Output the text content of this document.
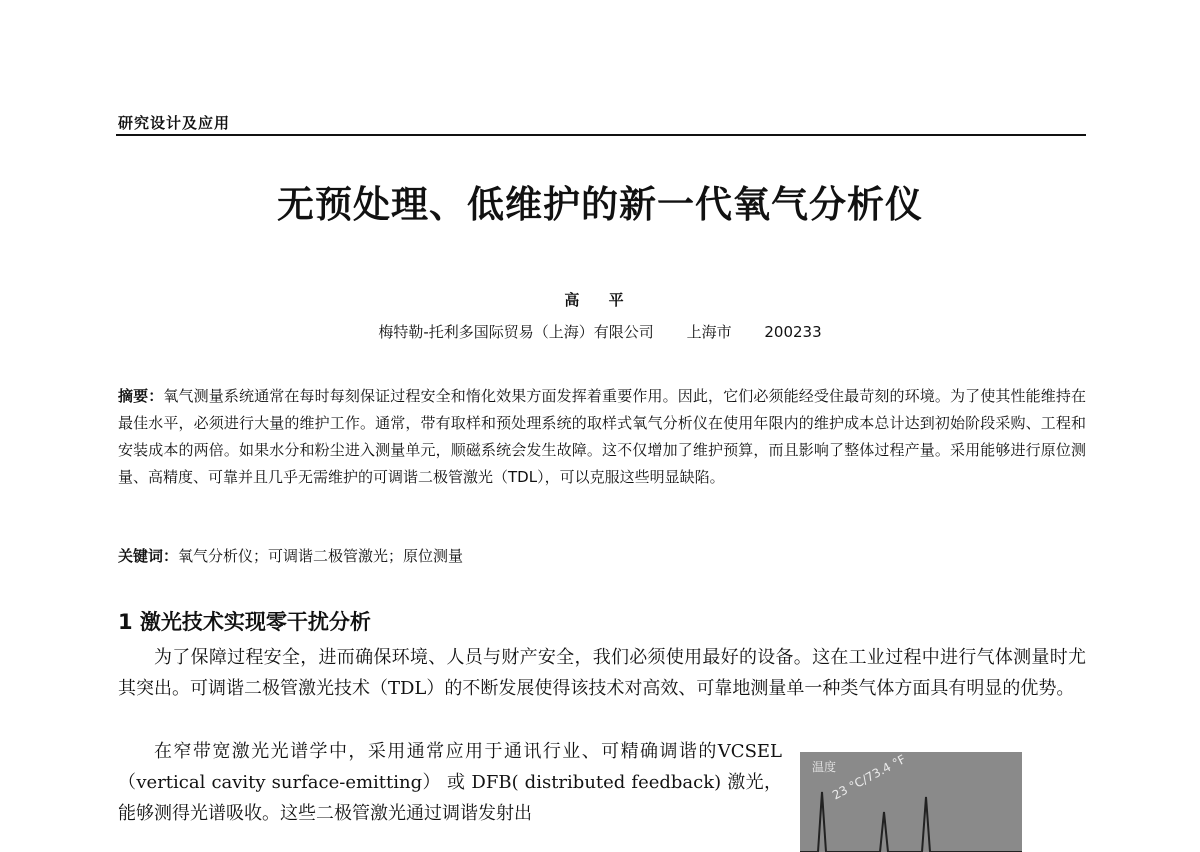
研究设计及应用
无预处理、低维护的新一代氧气分析仪
高 平
梅特勒-托利多国际贸易（上海）有限公司 上海市 200233
摘要：氧气测量系统通常在每时每刻保证过程安全和惰化效果方面发挥着重要作用。因此，它们必须能经受住最苛刻的环境。为了使其性能维持在最佳水平，必须进行大量的维护工作。通常，带有取样和预处理系统的取样式氧气分析仪在使用年限内的维护成本总计达到初始阶段采购、工程和安装成本的两倍。如果水分和粉尘进入测量单元，顺磁系统会发生故障。这不仅增加了维护预算，而且影响了整体过程产量。采用能够进行原位测量、高精度、可靠并且几乎无需维护的可调谐二极管激光（TDL），可以克服这些明显缺陷。
关键词：氧气分析仪；可调谐二极管激光；原位测量
1 激光技术实现零干扰分析
为了保障过程安全，进而确保环境、人员与财产安全，我们必须使用最好的设备。这在工业过程中进行气体测量时尤其突出。可调谐二极管激光技术（TDL）的不断发展使得该技术对高效、可靠地测量单一种类气体方面具有明显的优势。
在窄带宽激光光谱学中，采用通常应用于通讯行业、可精确调谐的VCSEL（vertical cavity surface-emitting） 或 DFB( distributed feedback) 激光，能够测得光谱吸收。这些二极管激光通过调谐发射出
温度
23 °C/73.4 °F
